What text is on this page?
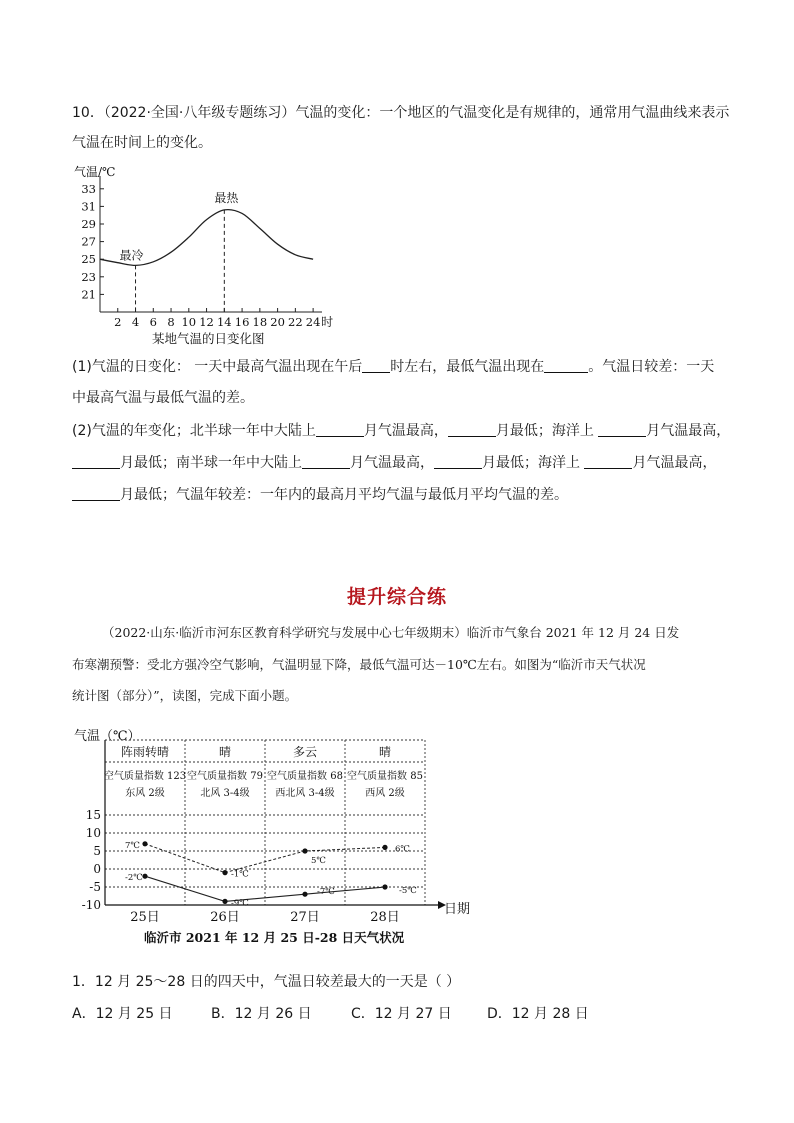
10．（2022·全国·八年级专题练习）气温的变化：一个地区的气温变化是有规律的，通常用气温曲线来表示
气温在时间上的变化。
气温/℃
21
23
25
27
29
31
33
2 4 6 8 10 12 14 16 18 20 22 24
最冷
最热
时
某地气温的日变化图
(1)气温的日变化： 一天中最高气温出现在午后 时左右，最低气温出现在	。气温日较差：一天
中最高气温与最低气温的差。
(2)气温的年变化；北半球一年中大陆上	月气温最高，	月最低；海洋上	月气温最高，
月最低；南半球一年中大陆上	月气温最高，	月最低；海洋上	月气温最高，
月最低；气温年较差：一年内的最高月平均气温与最低月平均气温的差。
提升综合练
（2022·山东·临沂市河东区教育科学研究与发展中心七年级期末）临沂市气象台 2021 年 12 月 24 日发
布寒潮预警：受北方强冷空气影响，气温明显下降，最低气温可达－10℃左右。如图为“临沂市天气状况
统计图（部分）”，读图，完成下面小题。
气温（℃）
阵雨转晴
空气质量指数 123
东风 2级
晴
空气质量指数 79
北风 3-4级
多云
空气质量指数 68
西北风 3-4级
晴
空气质量指数 85
西风 2级
-10
-5
0
5
10
15
7℃
-2℃	-1℃
-9℃
5℃
-7℃
6℃
-5℃
25日	26日	27日	28日
日期
临沂市 2021 年 12 月 25 日-28 日天气状况
1．12 月 25～28 日的四天中，气温日较差最大的一天是（ ）
A．12 月 25 日	B．12 月 26 日	C．12 月 27 日	D．12 月 28 日
